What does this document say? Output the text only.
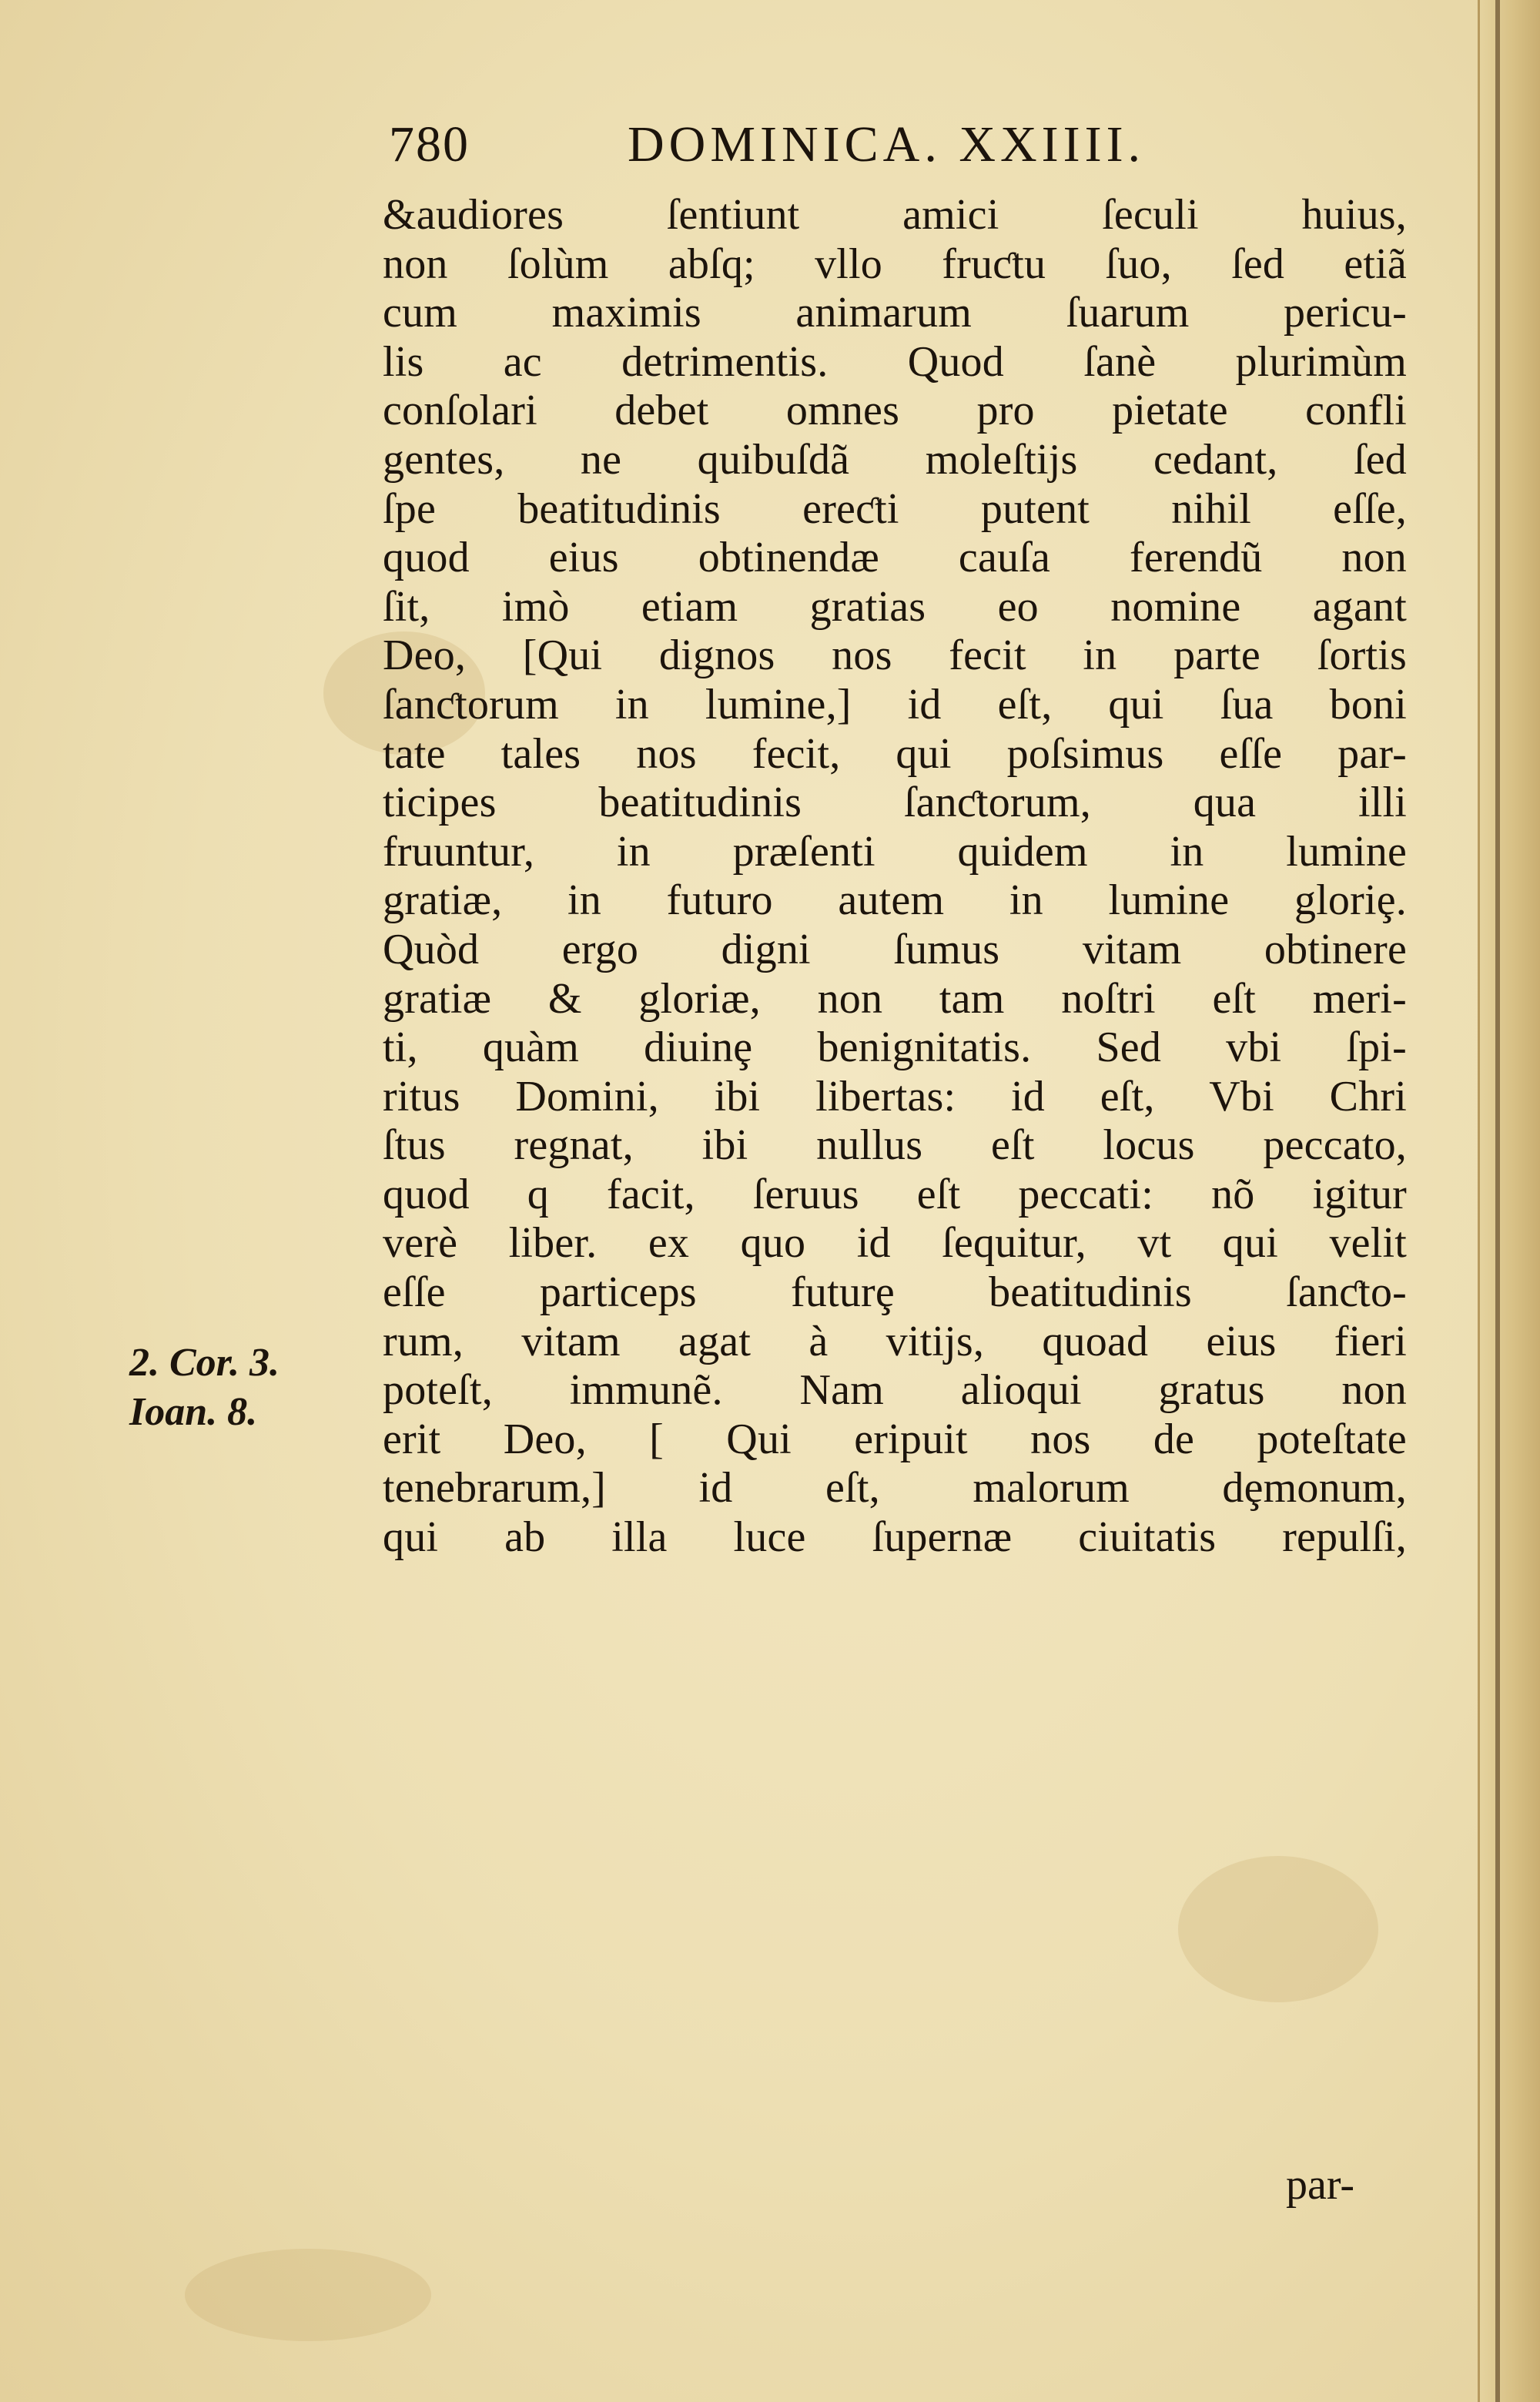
780	DOMINICA. XXIIII.
2. Cor. 3.
Ioan. 8.
&audiores ſentiunt amici ſeculi huius,
non ſolùm abſq; vllo fruƈtu ſuo, ſed etiã
cum maximis animarum ſuarum pericu-
lis ac detrimentis. Quod ſanè plurimùm
conſolari debet omnes pro pietate confli
gentes, ne quibuſdã moleſtijs cedant, ſed
ſpe beatitudinis ereƈti putent nihil eſſe,
quod eius obtinendæ cauſa ferendũ non
ſit, imò etiam gratias eo nomine agant
Deo, [Qui dignos nos fecit in parte ſortis
ſanƈtorum in lumine,] id eſt, qui ſua boni
tate tales nos fecit, qui poſsimus eſſe par-
ticipes beatitudinis ſanƈtorum, qua illi
fruuntur, in præſenti quidem in lumine
gratiæ, in futuro autem in lumine gloriȩ.
Quòd ergo digni ſumus vitam obtinere
gratiæ & gloriæ, non tam noſtri eſt meri-
ti, quàm diuinȩ benignitatis. Sed vbi ſpi-
ritus Domini, ibi libertas: id eſt, Vbi Chri
ſtus regnat, ibi nullus eſt locus peccato,
quod q facit, ſeruus eſt peccati: nõ igitur
verè liber. ex quo id ſequitur, vt qui velit
eſſe particeps futurȩ beatitudinis ſanƈto-
rum, vitam agat à vitijs, quoad eius fieri
poteſt, immunẽ. Nam alioqui gratus non
erit Deo, [ Qui eripuit nos de poteſtate
tenebrarum,] id eſt, malorum dȩmonum,
qui ab illa luce ſupernæ ciuitatis repulſi,
par-
